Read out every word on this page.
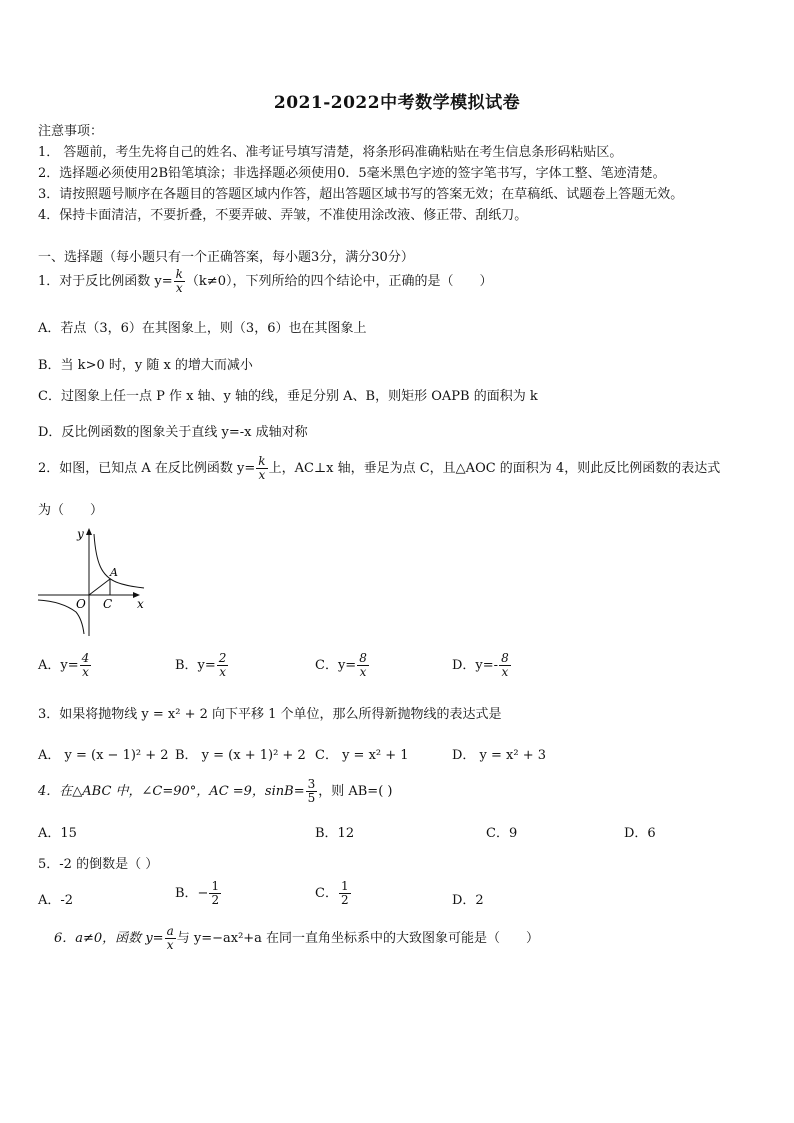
2021-2022中考数学模拟试卷
注意事项：
1． 答题前，考生先将自己的姓名、准考证号填写清楚，将条形码准确粘贴在考生信息条形码粘贴区。
2．选择题必须使用2B铅笔填涂；非选择题必须使用0．5毫米黑色字迹的签字笔书写，字体工整、笔迹清楚。
3．请按照题号顺序在各题目的答题区域内作答，超出答题区域书写的答案无效；在草稿纸、试题卷上答题无效。
4．保持卡面清洁，不要折叠，不要弄破、弄皱，不准使用涂改液、修正带、刮纸刀。
一、选择题（每小题只有一个正确答案，每小题3分，满分30分）
1．对于反比例函数 $y= \frac{k}{x} (k\ne 0)$，下列所给的四个结论中，正确的是（　　）
A．若点（3，6）在其图象上，则（3，6）也在其图象上
B．当 k>0 时，y 随 x 的增大而减小
C．过图象上任一点 P 作 x 轴、y 轴的线，垂足分别 A、B，则矩形 OAPB 的面积为 k
D．反比例函数的图象关于直线 y=-x 成轴对称
2．如图，已知点 A 在反比例函数 $y= \frac{k}{x}$ 上，AC⊥x 轴，垂足为点 C，且△AOC 的面积为 4，则此反比例函数的表达式
为（　　）
y
x
O C
A
A．$y= \frac{4}{x}$	B．$y= \frac{2}{x}$	C．$y= \frac{8}{x}$	D．$y=- \frac{8}{x}$
3．如果将抛物线 y = x² + 2 向下平移 1 个单位，那么所得新抛物线的表达式是
A． y = (x − 1)² + 2 B． y = (x + 1)² + 2 C． y = x² + 1	D． y = x² + 3
4．在△ABC 中，∠C=90°，AC =9，$\sin B= \frac{3}{5}$ ，则 AB=( )
A．15	B．12	C．9	D．6
5．-2 的倒数是（ ）
A．-2	B．− $\frac{1}{2}$	C． $\frac{1}{2}$	D．2
6．a≠0，函数 $y= \frac{a}{x}$ 与 y=−ax²+a 在同一直角坐标系中的大致图象可能是（　　）
